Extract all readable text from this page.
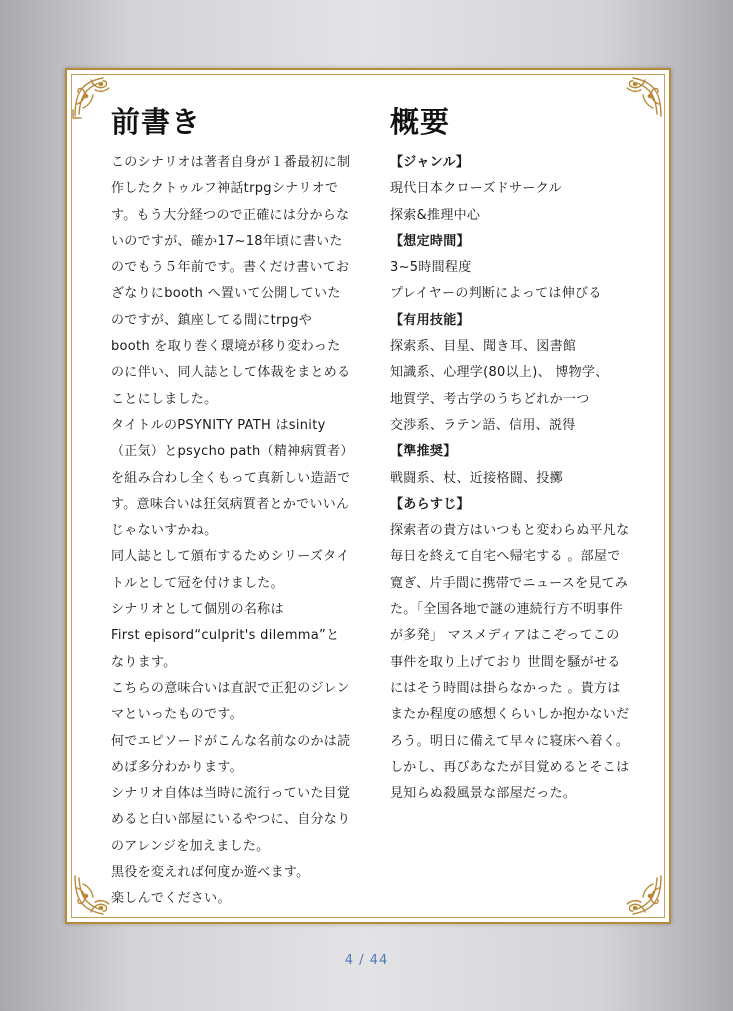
前書き

このシナリオは著者自身が１番最初に制作したクトゥルフ神話trpgシナリオです。もう大分経つので正確には分からないのですが、確か17~18年頃に書いたのでもう５年前です。書くだけ書いておざなりにbooth へ置いて公開していたのですが、鎮座してる間にtrpgやbooth を取り巻く環境が移り変わったのに伴い、同人誌として体裁をまとめることにしました。

タイトルのPSYNITY PATH はsinity（正気）とpsycho path（精神病質者）を組み合わし全くもって真新しい造語です。意味合いは狂気病質者とかでいいんじゃないすかね。

同人誌として頒布するためシリーズタイトルとして冠を付けました。

シナリオとして個別の名称は

First episord“culprit's dilemma”となります。

こちらの意味合いは直訳で正犯のジレンマといったものです。

何でエピソードがこんな名前なのかは読めば多分わかります。

シナリオ自体は当時に流行っていた目覚めると白い部屋にいるやつに、自分なりのアレンジを加えました。

黒役を変えれば何度か遊べます。

楽しんでください。

概要

【ジャンル】

現代日本クローズドサークル

探索&推理中心

【想定時間】

3~5時間程度

プレイヤーの判断によっては伸びる

【有用技能】

探索系、目星、聞き耳、図書館

知識系、心理学(80以上)、 博物学、

地質学、考古学のうちどれか一つ

交渉系、ラテン語、信用、説得

【準推奨】

戦闘系、杖、近接格闘、投擲

【あらすじ】

探索者の貴方はいつもと変わらぬ平凡な毎日を終えて自宅へ帰宅する 。部屋で寛ぎ、片手間に携帯でニュースを見てみた。「全国各地で謎の連続行方不明事件が多発」 マスメディアはこぞってこの事件を取り上げており 世間を騒がせるにはそう時間は掛らなかった 。貴方はまたか程度の感想くらいしか抱かないだろう。明日に備えて早々に寝床へ着く。 しかし、再びあなたが目覚めるとそこは見知らぬ殺風景な部屋だった。

4 / 44
